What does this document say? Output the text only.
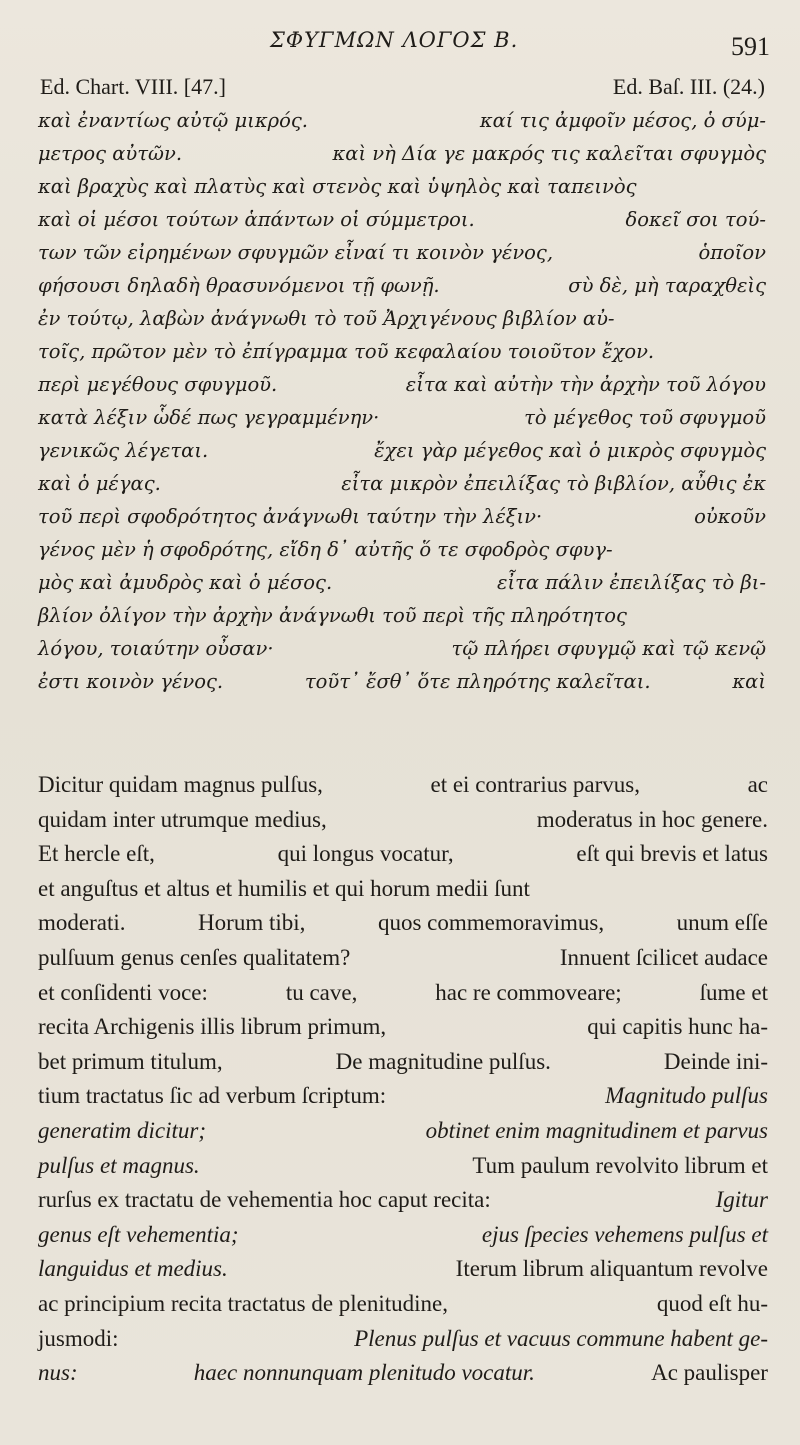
ΣΦΥΓΜΩΝ ΛΟΓΟΣ Β.	591
Ed. Chart. VIII. [47.]	Ed. Baſ. III. (24.)
καὶ ἐναντίως αὐτῷ μικρός.	καί τις ἀμφοῖν μέσος, ὁ σύμ-
μετρος αὐτῶν.	καὶ νὴ Δία γε μακρός τις καλεῖται σφυγμὸς
καὶ βραχὺς καὶ πλατὺς καὶ στενὸς καὶ ὑψηλὸς καὶ ταπεινὸς
καὶ οἱ μέσοι τούτων ἁπάντων οἱ σύμμετροι.	δοκεῖ σοι τού-
των τῶν εἰρημένων σφυγμῶν εἶναί τι κοινὸν γένος,	ὁποῖον
φήσουσι δηλαδὴ θρασυνόμενοι τῇ φωνῇ.	σὺ δὲ, μὴ ταραχθεὶς
ἐν τούτῳ, λαβὼν ἀνάγνωθι τὸ τοῦ Ἀρχιγένους βιβλίον αὐ-
τοῖς, πρῶτον μὲν τὸ ἐπίγραμμα τοῦ κεφαλαίου τοιοῦτον ἔχον.
περὶ μεγέθους σφυγμοῦ.	εἶτα καὶ αὐτὴν τὴν ἀρχὴν τοῦ λόγου
κατὰ λέξιν ὧδέ πως γεγραμμένην·	τὸ μέγεθος τοῦ σφυγμοῦ
γενικῶς λέγεται.	ἔχει γὰρ μέγεθος καὶ ὁ μικρὸς σφυγμὸς
καὶ ὁ μέγας.	εἶτα μικρὸν ἐπειλίξας τὸ βιβλίον, αὖθις ἐκ
τοῦ περὶ σφοδρότητος ἀνάγνωθι ταύτην τὴν λέξιν·	οὐκοῦν
γένος μὲν ἡ σφοδρότης, εἴδη δ᾽ αὐτῆς ὅ τε σφοδρὸς σφυγ-
μὸς καὶ ἀμυδρὸς καὶ ὁ μέσος.	εἶτα πάλιν ἐπειλίξας τὸ βι-
βλίον ὀλίγον τὴν ἀρχὴν ἀνάγνωθι τοῦ περὶ τῆς πληρότητος
λόγου, τοιαύτην οὖσαν·	τῷ πλήρει σφυγμῷ καὶ τῷ κενῷ
ἐστι κοινὸν γένος.	τοῦτ᾽ ἔσθ᾽ ὅτε πληρότης καλεῖται.	καὶ
Dicitur quidam magnus pulſus,	et ei contrarius parvus,	ac
quidam inter utrumque medius,	moderatus in hoc genere.
Et hercle eſt,	qui longus vocatur,	eſt qui brevis et latus
et anguſtus et altus et humilis et qui horum medii ſunt
moderati.	Horum tibi,	quos commemoravimus,	unum eſſe
pulſuum genus cenſes qualitatem?	Innuent ſcilicet audace
et conſidenti voce:	tu cave,	hac re commoveare;	ſume et
recita Archigenis illis librum primum,	qui capitis hunc ha-
bet primum titulum,	De magnitudine pulſus.	Deinde ini-
tium tractatus ſic ad verbum ſcriptum:	Magnitudo pulſus
generatim dicitur;	obtinet enim magnitudinem et parvus
pulſus et magnus.	Tum paulum revolvito librum et
rurſus ex tractatu de vehementia hoc caput recita:	Igitur
genus eſt vehementia;	ejus ſpecies vehemens pulſus et
languidus et medius.	Iterum librum aliquantum revolve
ac principium recita tractatus de plenitudine,	quod eſt hu-
jusmodi:	Plenus pulſus et vacuus commune habent ge-
nus:	haec nonnunquam plenitudo vocatur.	Ac paulisper
